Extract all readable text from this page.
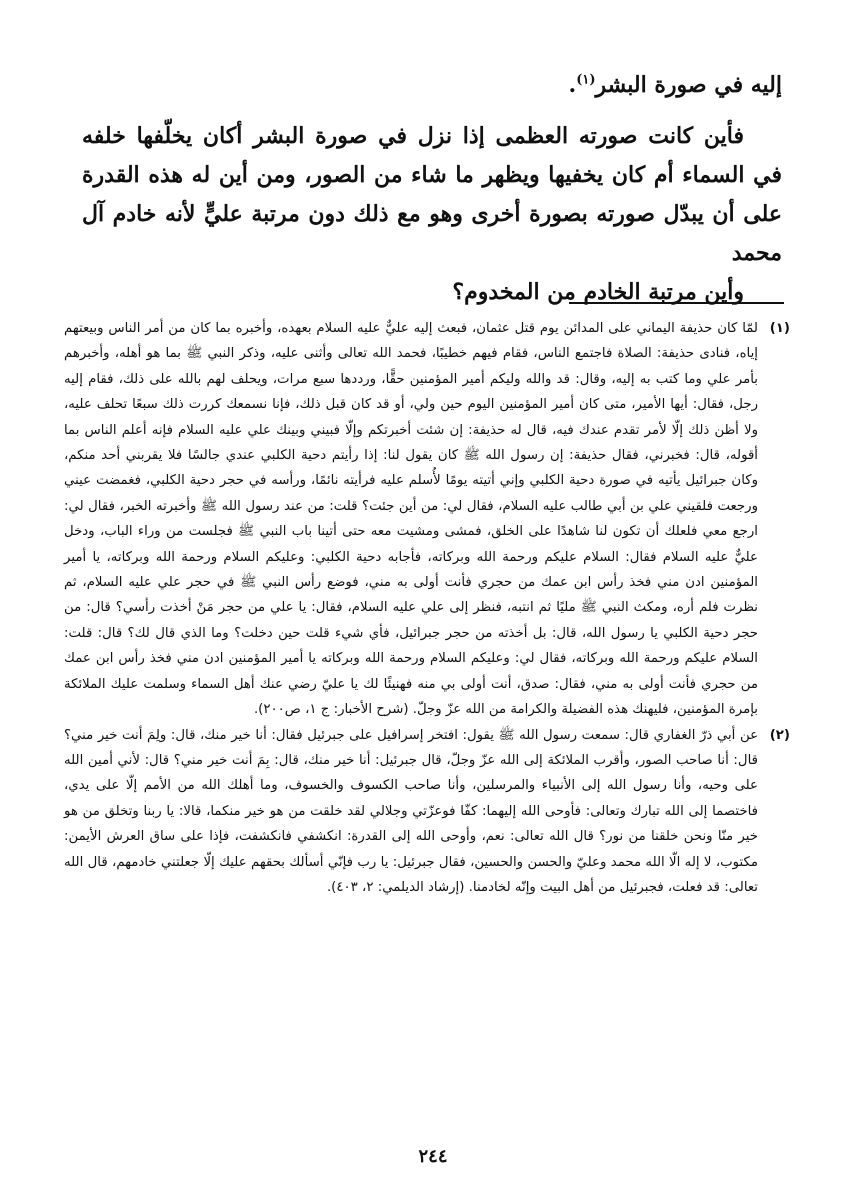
إليه في صورة البشر$^{(١)}$.

فأين كانت صورته العظمى إذا نزل في صورة البشر أكان يخلّفها خلفه في السماء أم كان يخفيها ويظهر ما شاء من الصور، ومن أين له هذه القدرة على أن يبدّل صورته بصورة أخرى وهو مع ذلك دون مرتبة عليٍّ لأنه خادم آل محمد

وأين مرتبة الخادم من المخدوم؟

(١)
لمّا كان حذيفة اليماني على المدائن يوم قتل عثمان، فبعث إليه عليٌّ عليه السلام بعهده، وأخبره بما كان من أمر الناس وبيعتهم إياه، فنادى حذيفة: الصلاة فاجتمع الناس، فقام فيهم خطيبًا، فحمد الله تعالى وأثنى عليه، وذكر النبي ﷺ بما هو أهله، وأخبرهم بأمر علي وما كتب به إليه، وقال: قد والله وليكم أمير المؤمنين حقًّا، ورددها سبع مرات، ويحلف لهم بالله على ذلك، فقام إليه رجل، فقال: أيها الأمير، متى كان أمير المؤمنين اليوم حين ولي، أو قد كان قبل ذلك، فإنا نسمعك كررت ذلك سبعًا تحلف عليه، ولا أظن ذلك إلّا لأمر تقدم عندك فيه، قال له حذيفة: إن شئت أخبرتكم وإلّا فبيني وبينك علي عليه السلام فإنه أعلم الناس بما أقوله، قال: فخبرني، فقال حذيفة: إن رسول الله ﷺ كان يقول لنا: إذا رأيتم دحية الكلبي عندي جالسًا فلا يقربني أحد منكم، وكان جبرائيل يأتيه في صورة دحية الكلبي وإني أتيته يومًا لأُسلم عليه فرأيته نائمًا، ورأسه في حجر دحية الكلبي، فغمضت عيني ورجعت فلقيني علي بن أبي طالب عليه السلام، فقال لي: من أين جئت؟ قلت: من عند رسول الله ﷺ وأخبرته الخبر، فقال لي: ارجع معي فلعلك أن تكون لنا شاهدًا على الخلق، فمشى ومشيت معه حتى أتينا باب النبي ﷺ فجلست من وراء الباب، ودخل عليٌّ عليه السلام فقال: السلام عليكم ورحمة الله وبركاته، فأجابه دحية الكلبي: وعليكم السلام ورحمة الله وبركاته، يا أمير المؤمنين ادن مني فخذ رأس ابن عمك من حجري فأنت أولى به مني، فوضع رأس النبي ﷺ في حجر علي عليه السلام، ثم نظرت فلم أره، ومكث النبي ﷺ مليًا ثم انتبه، فنظر إلى علي عليه السلام، فقال: يا علي من حجر مَنْ أخذت رأسي؟ قال: من حجر دحية الكلبي يا رسول الله، قال: بل أخذته من حجر جبرائيل، فأي شيء قلت حين دخلت؟ وما الذي قال لك؟ قال: قلت: السلام عليكم ورحمة الله وبركاته، فقال لي: وعليكم السلام ورحمة الله وبركاته يا أمير المؤمنين ادن مني فخذ رأس ابن عمك من حجري فأنت أولى به مني، فقال: صدق، أنت أولى بي منه فهنيئًا لك يا عليّ رضي عنك أهل السماء وسلمت عليك الملائكة بإمرة المؤمنين، فليهنك هذه الفضيلة والكرامة من الله عزّ وجلّ. (شرح الأخبار: ج ١، ص٢٠٠).

(٢)
عن أبي ذرّ الغفاري قال: سمعت رسول الله ﷺ يقول: افتخر إسرافيل على جبرئيل فقال: أنا خير منك، قال: ولِمَ أنت خير مني؟ قال: أنا صاحب الصور، وأقرب الملائكة إلى الله عزّ وجلّ، قال جبرئيل: أنا خير منك، قال: بِمَ أنت خير مني؟ قال: لأني أمين الله على وحيه، وأنا رسول الله إلى الأنبياء والمرسلين، وأنا صاحب الكسوف والخسوف، وما أهلك الله من الأمم إلّا على يدي، فاختصما إلى الله تبارك وتعالى: فأوحى الله إليهما: كفّا فوعزّتي وجلالي لقد خلقت من هو خير منكما، قالا: يا ربنا وتخلق من هو خير منّا ونحن خلقنا من نور؟ قال الله تعالى: نعم، وأوحى الله إلى القدرة: انكشفي فانكشفت، فإذا على ساق العرش الأيمن: مكتوب، لا إله الّا الله محمد وعليّ والحسن والحسين، فقال جبرئيل: يا رب فإنّي أسألك بحقهم عليك إلّا جعلتني خادمهم، قال الله تعالى: قد فعلت، فجبرئيل من أهل البيت وإنّه لخادمنا. (إرشاد الديلمي: ٢، ٤٠٣).

٢٤٤
